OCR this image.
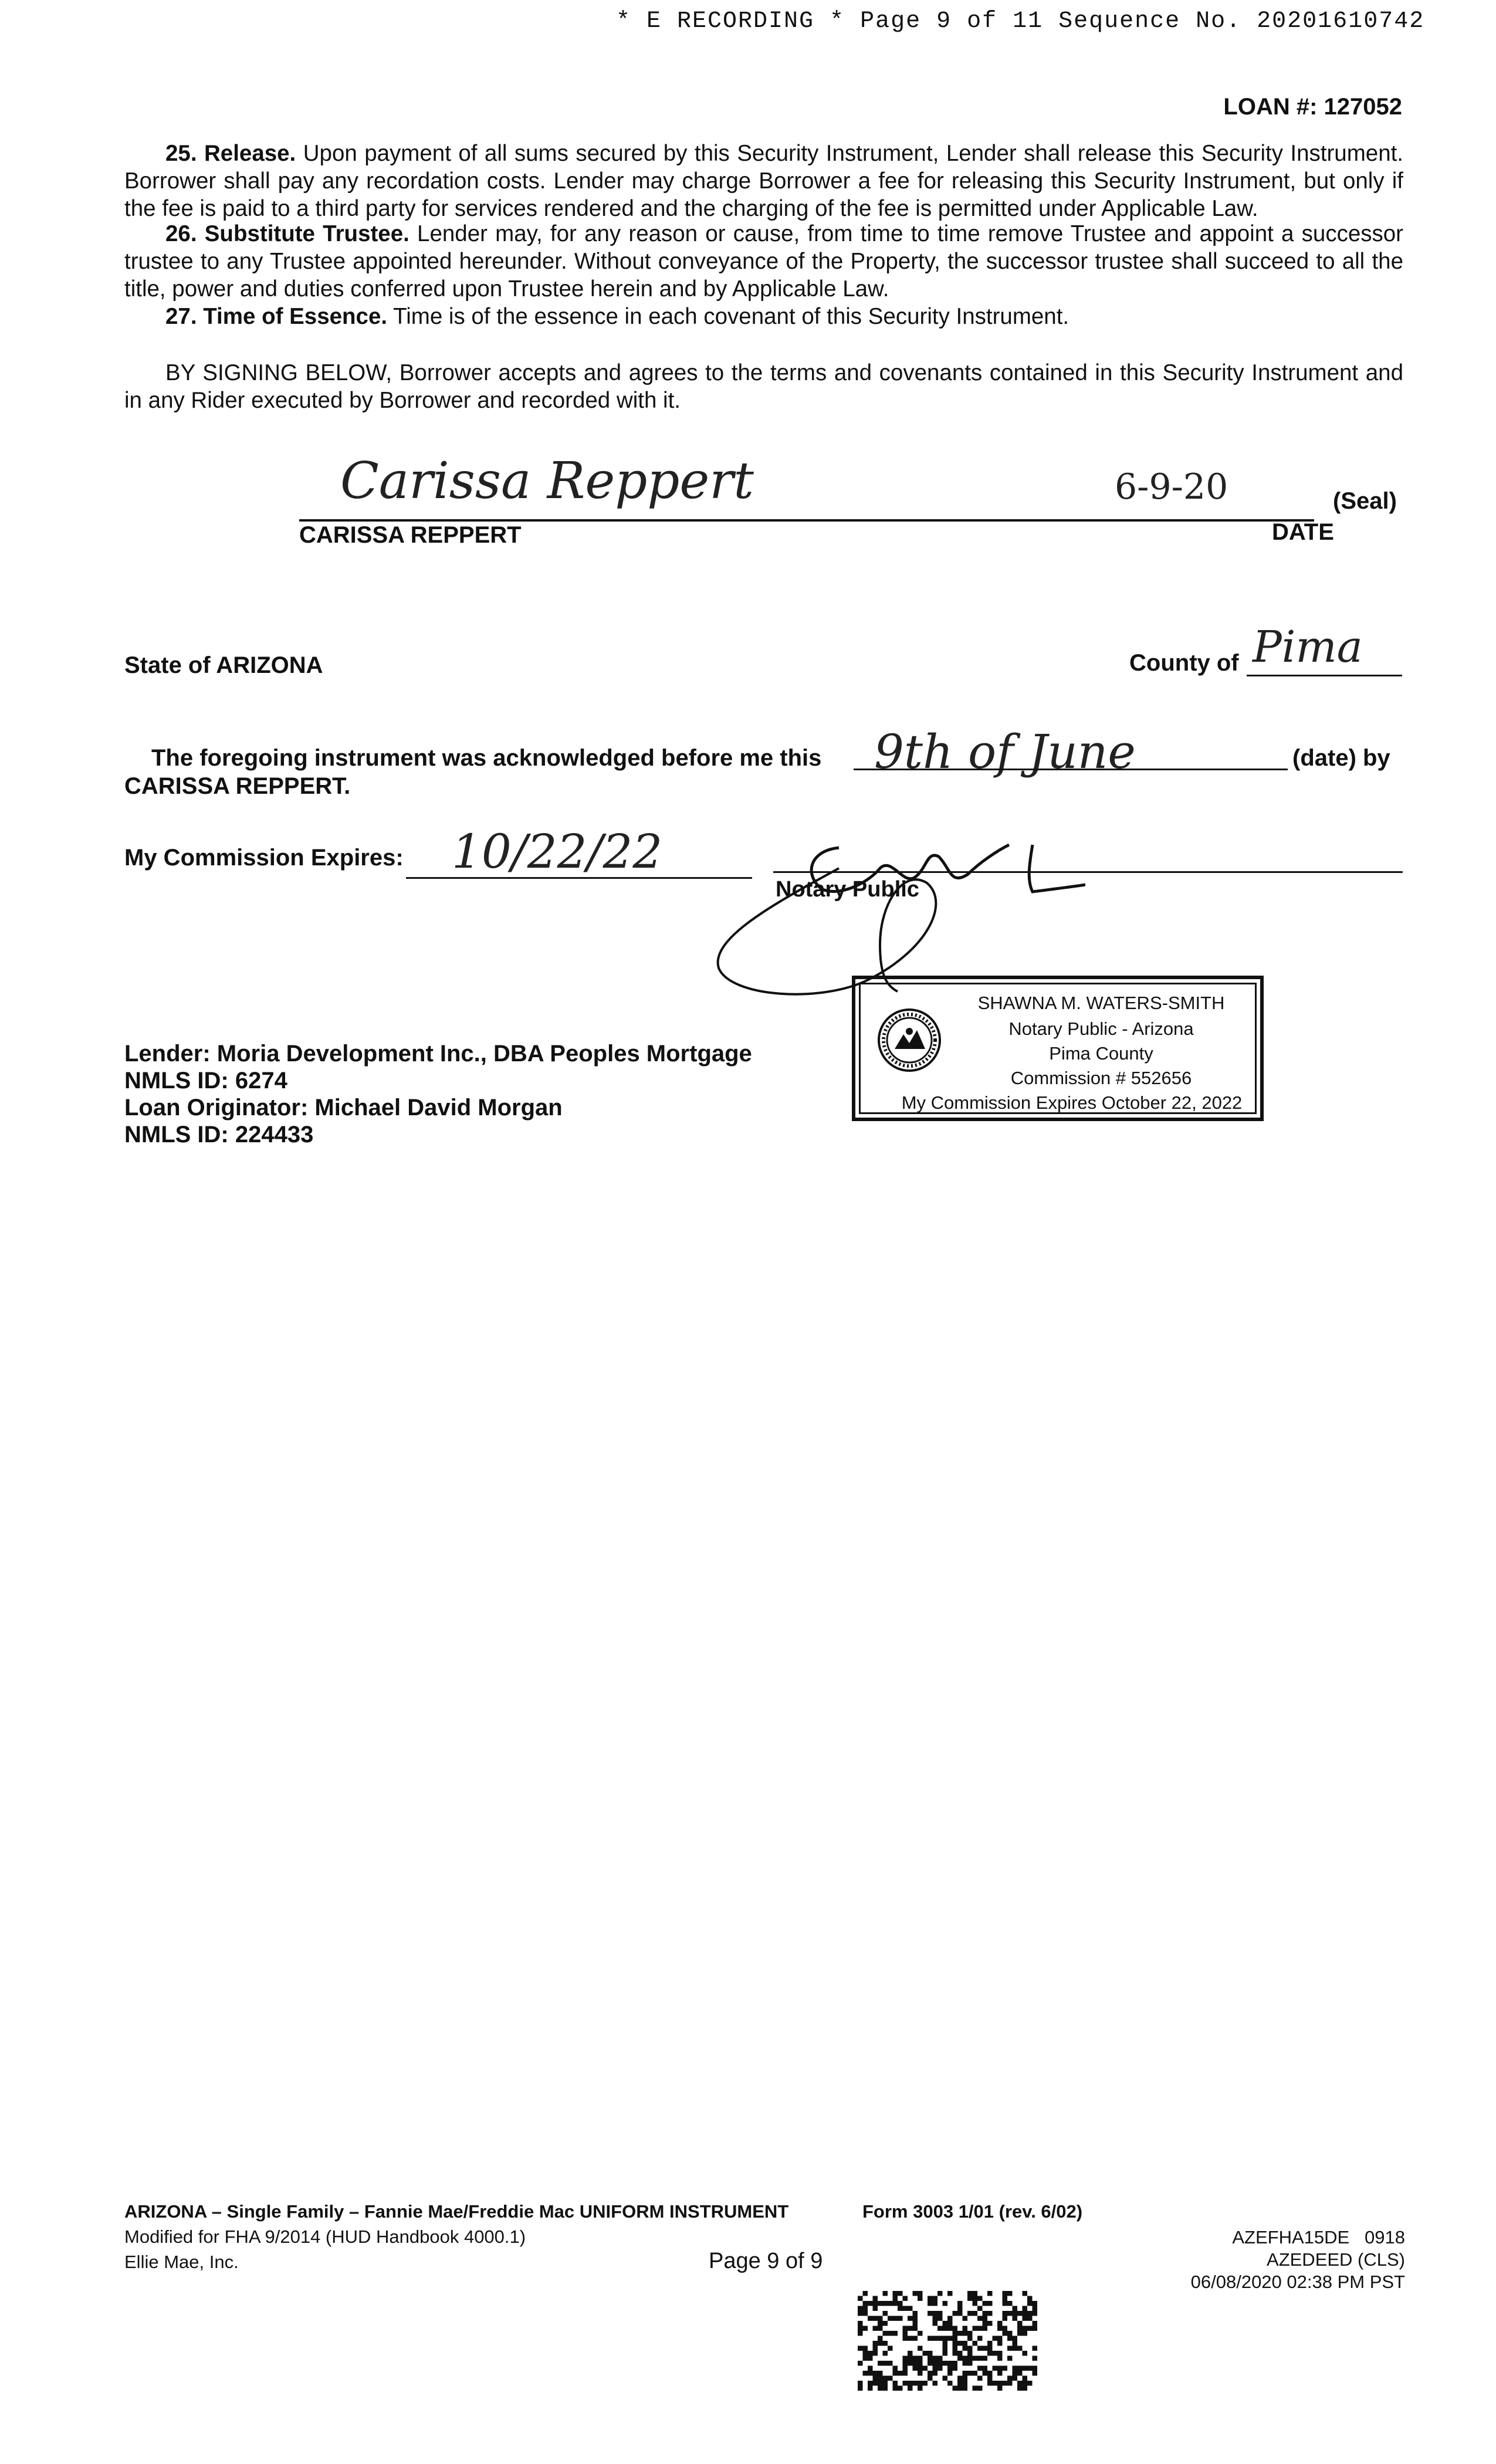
* E RECORDING * Page 9 of 11 Sequence No. 20201610742
LOAN #: 127052
25. Release. Upon payment of all sums secured by this Security Instrument, Lender shall release this Security Instrument. Borrower shall pay any recordation costs. Lender may charge Borrower a fee for releasing this Security Instrument, but only if the fee is paid to a third party for services rendered and the charging of the fee is permitted under Applicable Law.
26. Substitute Trustee. Lender may, for any reason or cause, from time to time remove Trustee and appoint a successor trustee to any Trustee appointed hereunder. Without conveyance of the Property, the successor trustee shall succeed to all the title, power and duties conferred upon Trustee herein and by Applicable Law.
27. Time of Essence. Time is of the essence in each covenant of this Security Instrument.
BY SIGNING BELOW, Borrower accepts and agrees to the terms and covenants contained in this Security Instrument and in any Rider executed by Borrower and recorded with it.
Carissa Reppert	6-9-20	(Seal)
CARISSA REPPERT	DATE
State of ARIZONA	County of Pima
The foregoing instrument was acknowledged before me this 9th of June	(date) by
CARISSA REPPERT.
My Commission Expires: 10/22/22
Notary Public
SHAWNA M. WATERS-SMITH
Notary Public - Arizona
Pima County
Commission # 552656
My Commission Expires October 22, 2022
Lender: Moria Development Inc., DBA Peoples Mortgage
NMLS ID: 6274
Loan Originator: Michael David Morgan
NMLS ID: 224433
ARIZONA – Single Family – Fannie Mae/Freddie Mac UNIFORM INSTRUMENT	Form 3003 1/01 (rev. 6/02)
Modified for FHA 9/2014 (HUD Handbook 4000.1)
Ellie Mae, Inc.	Page 9 of 9
AZEFHA15DE   0918
AZEDEED (CLS)
06/08/2020 02:38 PM PST
